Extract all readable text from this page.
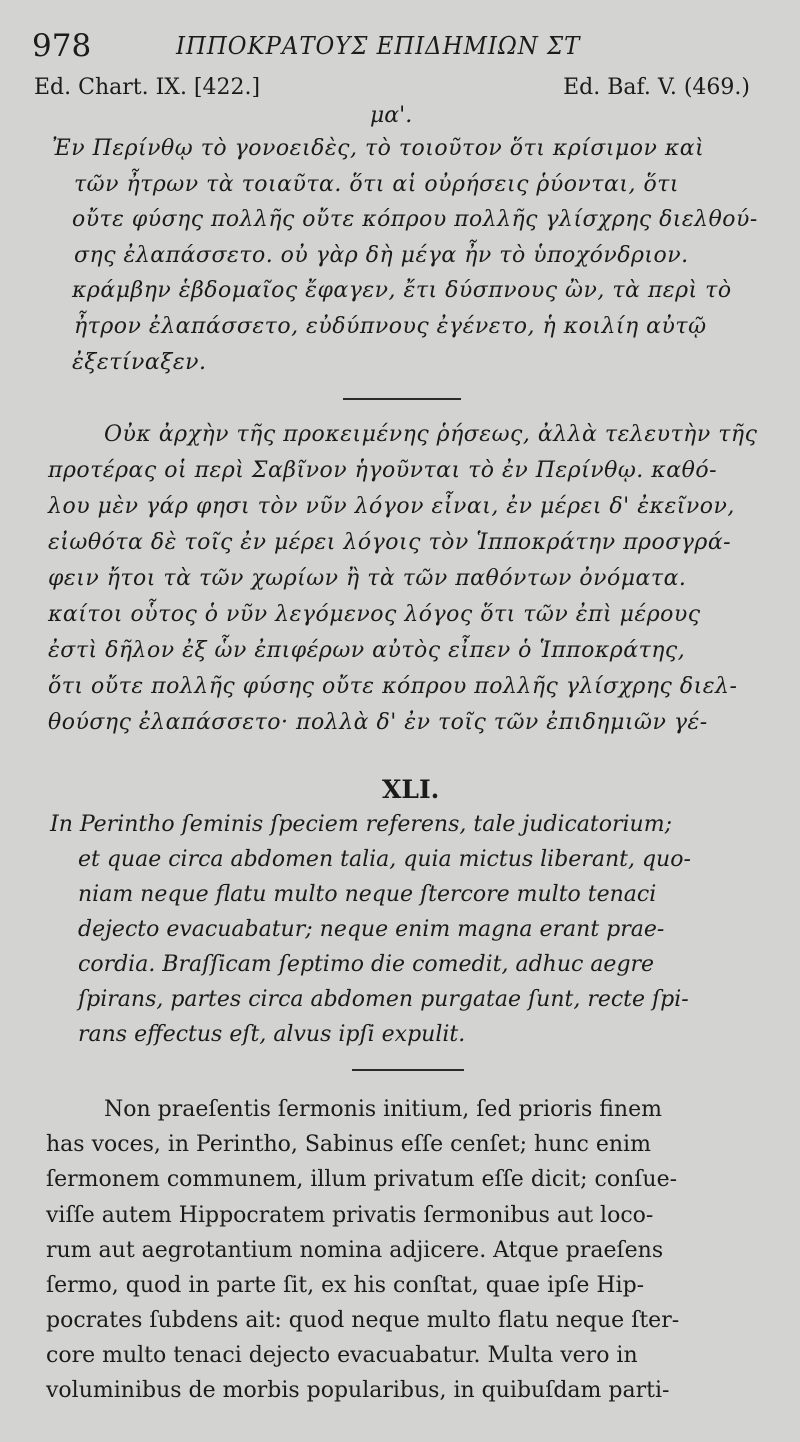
978	ΙΠΠΟΚΡΑΤΟΥΣ ΕΠΙΔΗΜΙΩΝ ΣΤ
Ed. Chart. IX. [422.]	Ed. Baf. V. (469.)
μα'.
Ἐν Περίνθῳ τὸ γονοειδὲς, τὸ τοιοῦτον ὅτι κρίσιμον καὶ
τῶν ἦτρων τὰ τοιαῦτα. ὅτι αἱ οὐρήσεις ῥύονται, ὅτι
οὔτε φύσης πολλῆς οὔτε κόπρου πολλῆς γλίσχρης διελθού-
σης ἐλαπάσσετο. οὐ γὰρ δὴ μέγα ἦν τὸ ὑποχόνδριον.
κράμβην ἑβδομαῖος ἔφαγεν, ἔτι δύσπνους ὢν, τὰ περὶ τὸ
ἦτρον ἐλαπάσσετο, εὐδύπνους ἐγένετο, ἡ κοιλίη αὐτῷ
ἐξετίναξεν.
Οὐκ ἀρχὴν τῆς προκειμένης ῥήσεως, ἀλλὰ τελευτὴν τῆς
προτέρας οἱ περὶ Σαβῖνον ἡγοῦνται τὸ ἐν Περίνθῳ. καθό-
λου μὲν γάρ φησι τὸν νῦν λόγον εἶναι, ἐν μέρει δ' ἐκεῖνον,
εἰωθότα δὲ τοῖς ἐν μέρει λόγοις τὸν Ἱπποκράτην προσγρά-
φειν ἤτοι τὰ τῶν χωρίων ἢ τὰ τῶν παθόντων ὀνόματα.
καίτοι οὗτος ὁ νῦν λεγόμενος λόγος ὅτι τῶν ἐπὶ μέρους
ἐστὶ δῆλον ἐξ ὧν ἐπιφέρων αὐτὸς εἶπεν ὁ Ἱπποκράτης,
ὅτι οὔτε πολλῆς φύσης οὔτε κόπρου πολλῆς γλίσχρης διελ-
θούσης ἐλαπάσσετο· πολλὰ δ' ἐν τοῖς τῶν ἐπιδημιῶν γέ-
XLI.
In Perintho ſeminis ſpeciem referens, tale judicatorium;
et quae circa abdomen talia, quia mictus liberant, quo-
niam neque flatu multo neque ſtercore multo tenaci
dejecto evacuabatur; neque enim magna erant prae-
cordia. Braſſicam ſeptimo die comedit, adhuc aegre
ſpirans, partes circa abdomen purgatae ſunt, recte ſpi-
rans effectus eſt, alvus ipſi expulit.
Non praeſentis ſermonis initium, ſed prioris finem
has voces, in Perintho, Sabinus eſſe cenſet; hunc enim
ſermonem communem, illum privatum eſſe dicit; conſue-
viſſe autem Hippocratem privatis ſermonibus aut loco-
rum aut aegrotantium nomina adjicere. Atque praeſens
ſermo, quod in parte ſit, ex his conſtat, quae ipſe Hip-
pocrates ſubdens ait: quod neque multo flatu neque ſter-
core multo tenaci dejecto evacuabatur. Multa vero in
voluminibus de morbis popularibus, in quibuſdam parti-
